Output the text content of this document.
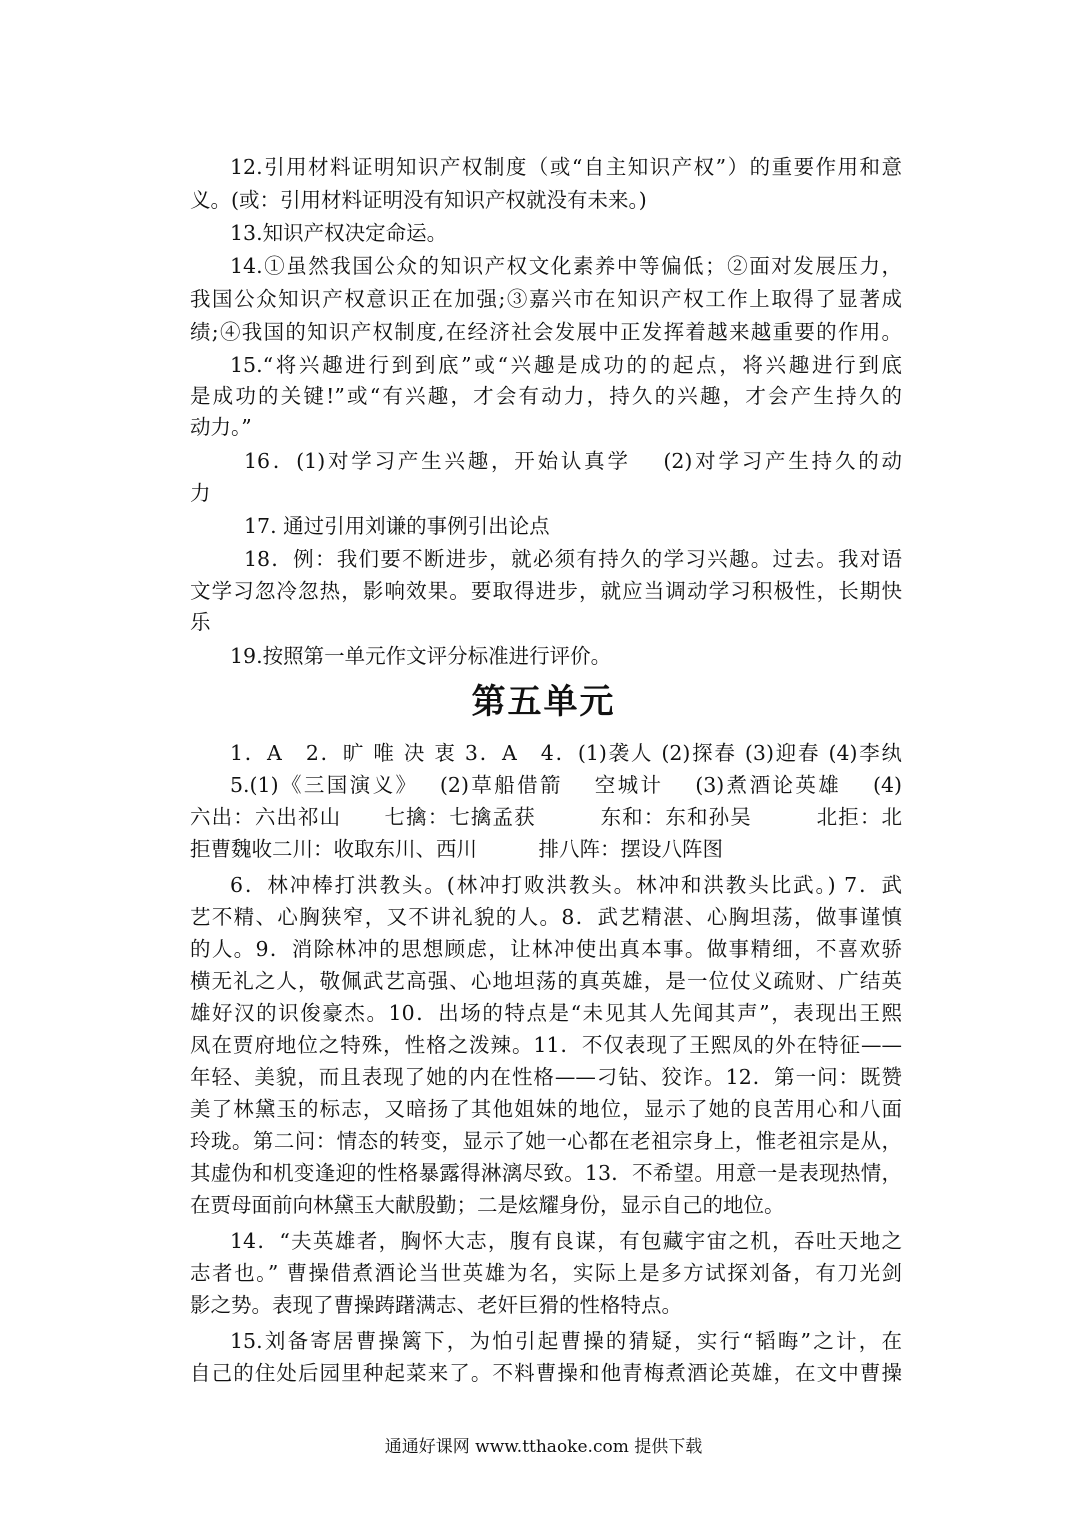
12.引用材料证明知识产权制度（或“自主知识产权”）的重要作用和意
义。(或：引用材料证明没有知识产权就没有未来。)
13.知识产权决定命运。
14.①虽然我国公众的知识产权文化素养中等偏低；②面对发展压力，
我国公众知识产权意识正在加强;③嘉兴市在知识产权工作上取得了显著成
绩;④我国的知识产权制度,在经济社会发展中正发挥着越来越重要的作用。
15.“将兴趣进行到到底”或“兴趣是成功的的起点，将兴趣进行到底
是成功的关键!”或“有兴趣，才会有动力，持久的兴趣，才会产生持久的
动力。”
16．(1)对学习产生兴趣，开始认真学　 (2)对学习产生持久的动
力
17. 通过引用刘谦的事例引出论点
18．例：我们要不断进步，就必须有持久的学习兴趣。过去。我对语
文学习忽冷忽热，影响效果。要取得进步，就应当调动学习积极性，长期快
乐
19.按照第一单元作文评分标准进行评价。
第五单元
1．A　2．旷 唯 决 衷 3．A　4．(1)袭人 (2)探春 (3)迎春 (4)李纨
5.(1)《三国演义》　 (2)草船借箭　 空城计　 (3)煮酒论英雄　 (4)
六出：六出祁山　　七擒：七擒孟获　　　东和：东和孙吴　　　北拒：北
拒曹魏收二川：收取东川、西川　　　排八阵：摆设八阵图
6．林冲棒打洪教头。(林冲打败洪教头。林冲和洪教头比武。) 7．武
艺不精、心胸狭窄，又不讲礼貌的人。8．武艺精湛、心胸坦荡，做事谨慎
的人。9．消除林冲的思想顾虑，让林冲使出真本事。做事精细，不喜欢骄
横无礼之人，敬佩武艺高强、心地坦荡的真英雄，是一位仗义疏财、广结英
雄好汉的识俊豪杰。10．出场的特点是“未见其人先闻其声”，表现出王熙
凤在贾府地位之特殊，性格之泼辣。11．不仅表现了王熙凤的外在特征——
年轻、美貌，而且表现了她的内在性格——刁钻、狡诈。12．第一问：既赞
美了林黛玉的标志，又暗扬了其他姐妹的地位，显示了她的良苦用心和八面
玲珑。第二问：情态的转变，显示了她一心都在老祖宗身上，惟老祖宗是从，
其虚伪和机变逢迎的性格暴露得淋漓尽致。13．不希望。用意一是表现热情，
在贾母面前向林黛玉大献殷勤；二是炫耀身份，显示自己的地位。
14．“夫英雄者，胸怀大志，腹有良谋，有包藏宇宙之机，吞吐天地之
志者也。” 曹操借煮酒论当世英雄为名，实际上是多方试探刘备，有刀光剑
影之势。表现了曹操踌躇满志、老奸巨猾的性格特点。
15.刘备寄居曹操篱下，为怕引起曹操的猜疑，实行“韬晦”之计，在
自己的住处后园里种起菜来了。不料曹操和他青梅煮酒论英雄，在文中曹操
通通好课网 www.tthaoke.com 提供下载
